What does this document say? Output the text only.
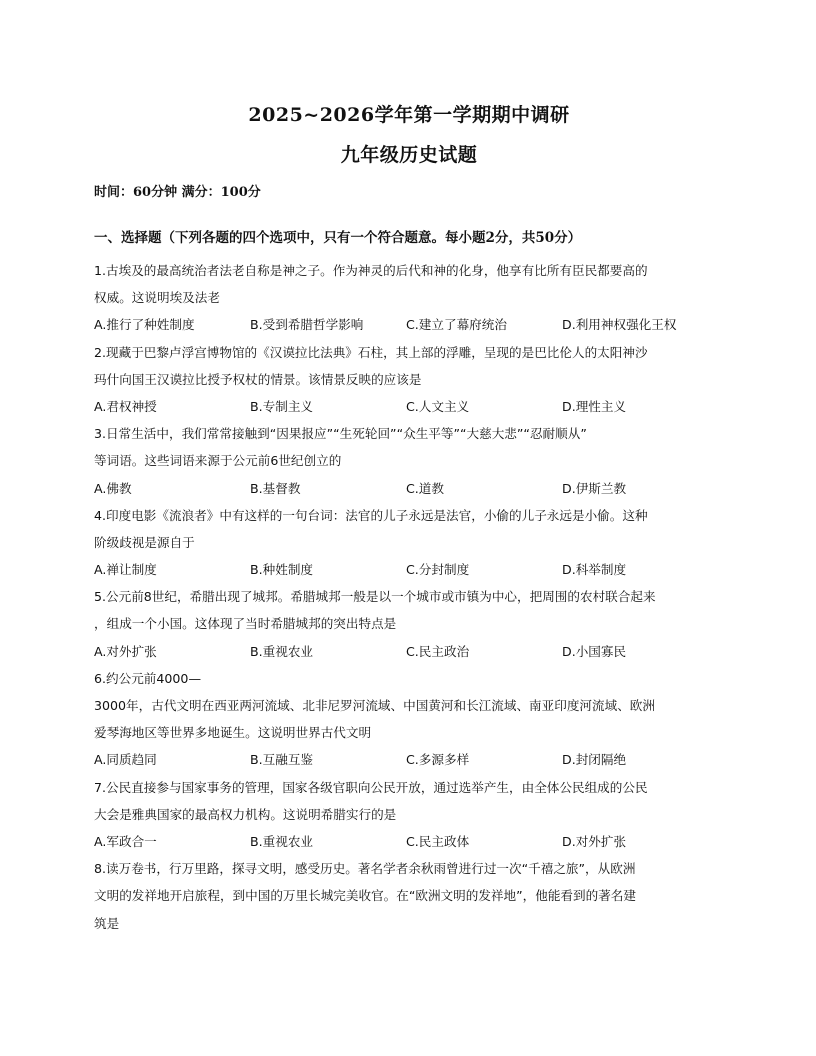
2025~2026学年第一学期期中调研
九年级历史试题
时间：60分钟 满分：100分
一、选择题（下列各题的四个选项中，只有一个符合题意。每小题2分，共50分）
1.古埃及的最高统治者法老自称是神之子。作为神灵的后代和神的化身，他享有比所有臣民都要高的
权威。这说明埃及法老
A.推行了种姓制度	B.受到希腊哲学影响	C.建立了幕府统治	D.利用神权强化王权
2.现藏于巴黎卢浮宫博物馆的《汉谟拉比法典》石柱，其上部的浮雕，呈现的是巴比伦人的太阳神沙
玛什向国王汉谟拉比授予权杖的情景。该情景反映的应该是
A.君权神授	B.专制主义	C.人文主义	D.理性主义
3.日常生活中，我们常常接触到“因果报应”“生死轮回”“众生平等”“大慈大悲”“忍耐顺从”
等词语。这些词语来源于公元前6世纪创立的
A.佛教	B.基督教	C.道教	D.伊斯兰教
4.印度电影《流浪者》中有这样的一句台词：法官的儿子永远是法官，小偷的儿子永远是小偷。这种
阶级歧视是源自于
A.禅让制度	B.种姓制度	C.分封制度	D.科举制度
5.公元前8世纪，希腊出现了城邦。希腊城邦一般是以一个城市或市镇为中心，把周围的农村联合起来
，组成一个小国。这体现了当时希腊城邦的突出特点是
A.对外扩张	B.重视农业	C.民主政治	D.小国寡民
6.约公元前4000—
3000年，古代文明在西亚两河流域、北非尼罗河流域、中国黄河和长江流域、南亚印度河流域、欧洲
爱琴海地区等世界多地诞生。这说明世界古代文明
A.同质趋同	B.互融互鉴	C.多源多样	D.封闭隔绝
7.公民直接参与国家事务的管理，国家各级官职向公民开放，通过选举产生，由全体公民组成的公民
大会是雅典国家的最高权力机构。这说明希腊实行的是
A.军政合一	B.重视农业	C.民主政体	D.对外扩张
8.读万卷书，行万里路，探寻文明，感受历史。著名学者余秋雨曾进行过一次“千禧之旅”，从欧洲
文明的发祥地开启旅程，到中国的万里长城完美收官。在“欧洲文明的发祥地”，他能看到的著名建
筑是
